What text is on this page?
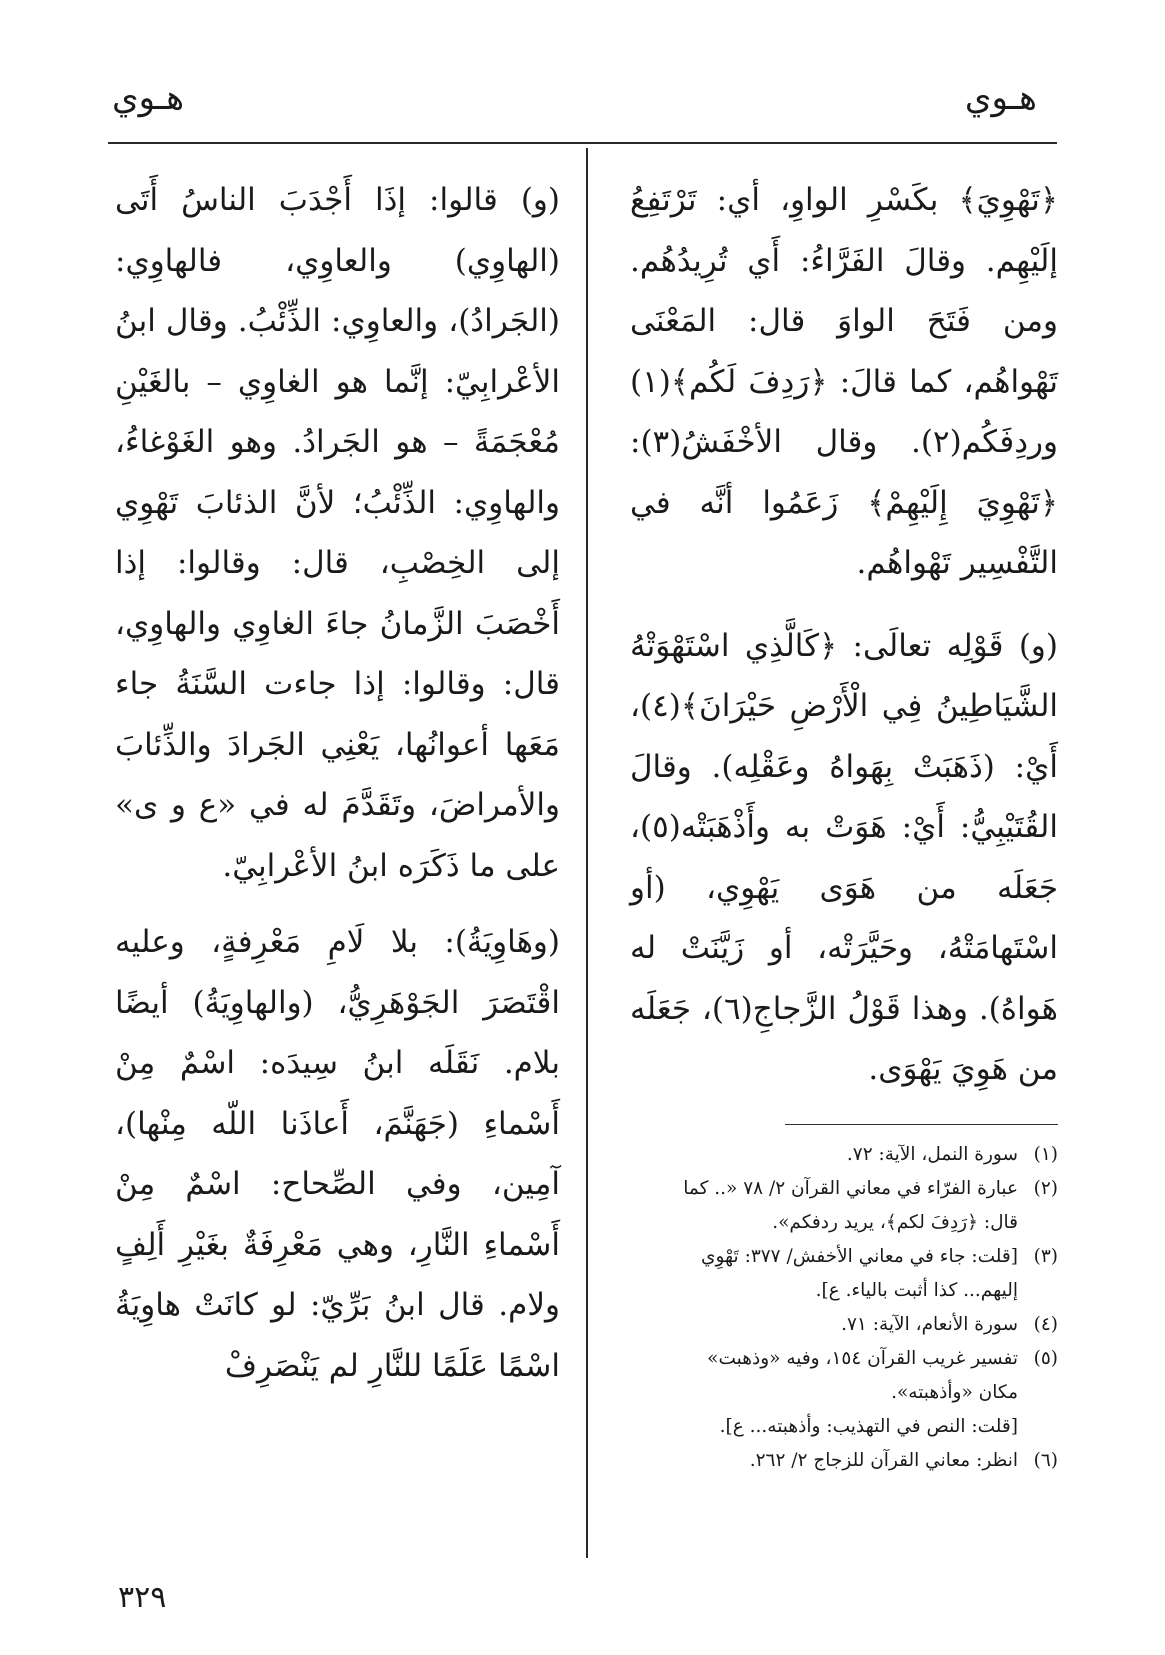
هـوي
هـوي

﴿تَهْوِيَ﴾ بكَسْرِ الواوِ، أي: تَرْتَفِعُ إلَيْهِم. وقالَ الفَرَّاءُ: أَي تُرِيدُهُم. ومن فَتَحَ الواوَ قال: المَعْنَى تَهْواهُم، كما قالَ: ﴿رَدِفَ لَكُم﴾(١) وردِفَكُم(٢). وقال الأخْفَشُ(٣): ﴿تَهْوِيَ إِلَيْهِمْ﴾ زَعَمُوا أنَّه في التَّفْسِير تَهْواهُم.

(و) قَوْلِه تعالَى: ﴿كَالَّذِي اسْتَهْوَتْهُ الشَّيَاطِينُ فِي الْأَرْضِ حَيْرَانَ﴾(٤)، أَيْ: (ذَهَبَتْ بِهَواهُ وعَقْلِه). وقالَ القُتَيْبِيُّ: أَيْ: هَوَتْ به وأَذْهَبَتْه(٥)، جَعَلَه من هَوَى يَهْوِي، (أو اسْتَهامَتْهُ، وحَيَّرَتْه، أو زَيَّنَتْ له هَواهُ). وهذا قَوْلُ الزَّجاجِ(٦)، جَعَلَه من هَوِيَ يَهْوَى.

(و) قالوا: إذَا أَجْدَبَ الناسُ أَتَى (الهاوِي) والعاوِي، فالهاوِي: (الجَرادُ)، والعاوِي: الذِّئْبُ. وقال ابنُ الأعْرابِيّ: إنَّما هو الغاوِي – بالغَيْنِ مُعْجَمَةً – هو الجَرادُ. وهو الغَوْغاءُ، والهاوِي: الذِّئْبُ؛ لأنَّ الذئابَ تَهْوِي إلى الخِصْبِ، قال: وقالوا: إذا أَخْصَبَ الزَّمانُ جاءَ الغاوِي والهاوِي، قال: وقالوا: إذا جاءت السَّنَةُ جاء مَعَها أعوانُها، يَعْنِي الجَرادَ والذِّئابَ والأمراضَ، وتَقَدَّمَ له في «ع و ى» على ما ذَكَرَه ابنُ الأعْرابِيّ.

(وهَاوِيَةُ): بلا لَامِ مَعْرِفةٍ، وعليه اقْتَصَرَ الجَوْهَرِيُّ، (والهاوِيَةُ) أيضًا بلام. نَقَلَه ابنُ سِيدَه: اسْمٌ مِنْ أَسْماءِ (جَهَنَّمَ، أَعاذَنا اللّه مِنْها)، آمِين، وفي الصِّحاح: اسْمٌ مِنْ أَسْماءِ النَّارِ، وهي مَعْرِفَةٌ بغَيْرِ أَلِفٍ ولام. قال ابنُ بَرِّيّ: لو كانَتْ هاوِيَةُ اسْمًا عَلَمًا للنَّارِ لم يَنْصَرِفْ

(١)سورة النمل، الآية: ٧٢.

(٢)عبارة الفرّاء في معاني القرآن ٢/ ٧٨ «.. كما
قال: ﴿رَدِفَ لكم﴾، يريد ردفكم».

(٣)[قلت: جاء في معاني الأخفش/ ٣٧٧: تَهْوِي
إليهم... كذا أثبت بالياء. ع].

(٤)سورة الأنعام، الآية: ٧١.

(٥)تفسير غريب القرآن ١٥٤، وفيه «وذهبت»
مكان «وأذهبته».

[قلت: النص في التهذيب: وأذهبته... ع].

(٦)انظر: معاني القرآن للزجاج ٢/ ٢٦٢.

٣٢٩
